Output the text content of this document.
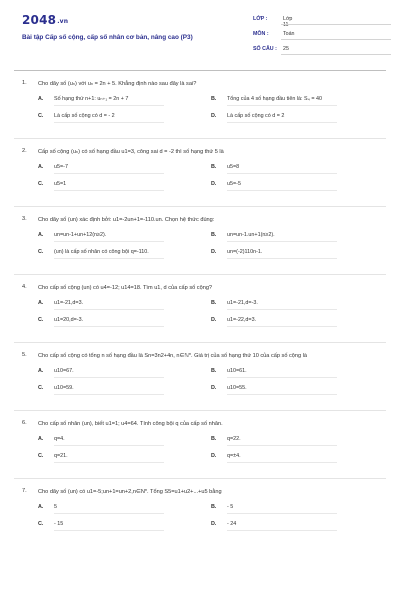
2048.vn
Bài tập Cấp số cộng, cấp số nhân cơ bản, nâng cao (P3)
LỚP :	Lớp 11
MÔN :	Toán
SỐ CÂU :	25
1. Cho dãy số (uₙ) với uₙ = 2n + 5. Khẳng định nào sau đây là sai?
A. Số hạng thứ n+1: uₙ₊₁ = 2n + 7	B. Tổng của 4 số hạng đầu tiên là: S₄ = 40
C. Là cấp số cộng có d = - 2	D. Là cấp số cộng có d = 2
2. Cấp số cộng (uₙ) có số hạng đầu u1=3, công sai d = -2 thì số hạng thứ 5 là
A. u5=-7	B. u5=8
C. u5=1	D. u5=-5
3. Cho dãy số (un) xác định bởi: u1=-2un+1=-110.un. Chọn hệ thức đúng:
A. un=un-1+un+12(n≥2).	B. un=un-1.un+1(n≥2).
C. (un) là cấp số nhân có công bội q=-110.	D. un=(-2)110n-1.
4. Cho cấp số cộng (un) có u4=-12; u14=18. Tìm u1, d của cấp số cộng?
A. u1=-21,d=3.	B. u1=-21,d=-3.
C. u1=20,d=-3.	D. u1=-22,d=3.
5. Cho cấp số cộng có tổng n số hạng đầu là Sn=3n2+4n, n∈ℕ*. Giá trị của số hạng thứ 10 của cấp số cộng là
A. u10=67.	B. u10=61.
C. u10=59.	D. u10=55.
6. Cho cấp số nhân (un), biết u1=1; u4=64. Tính công bội q của cấp số nhân.
A. q=4.	B. q=22.
C. q=21.	D. q=±4.
7. Cho dãy số (un) có u1=-5;un+1=un+2,n∈N*. Tổng S5=u1+u2+...+u5 bằng
A. 5	B. - 5
C. - 15	D. - 24
